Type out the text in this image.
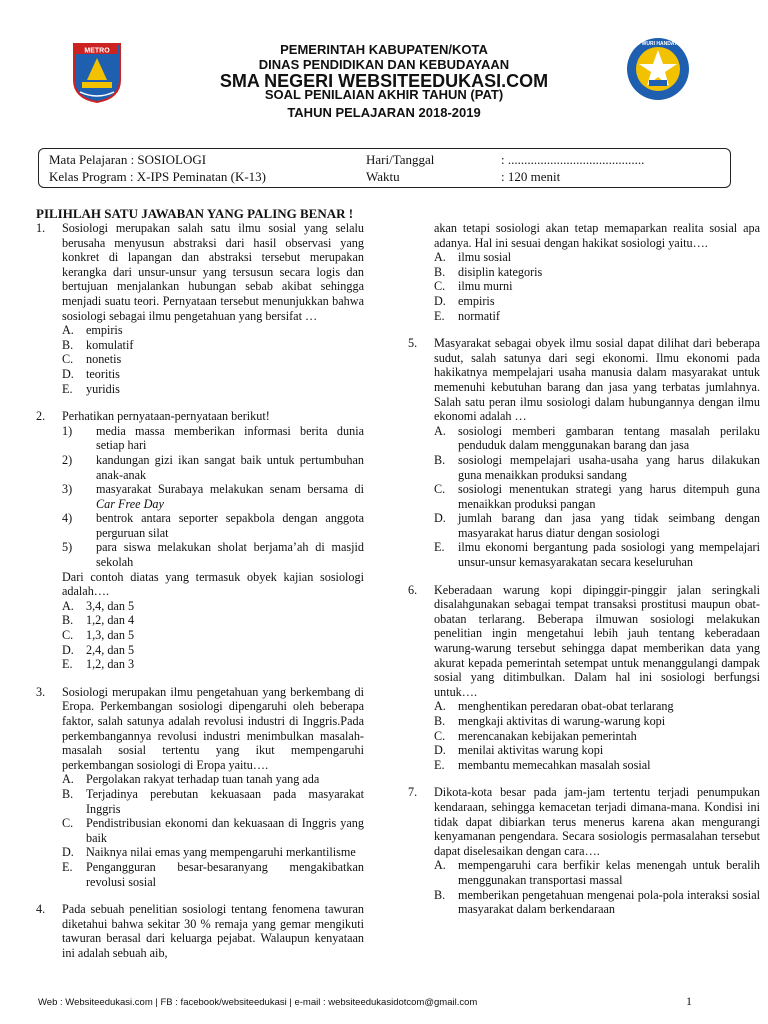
METRO
TUT WURI HANDAYANI
PEMERINTAH KABUPATEN/KOTA
DINAS PENDIDIKAN DAN KEBUDAYAAN
SMA NEGERI WEBSITEEDUKASI.COM
SOAL PENILAIAN AKHIR TAHUN (PAT)
TAHUN PELAJARAN 2018-2019
Mata Pelajaran : SOSIOLOGI
Kelas Program : X-IPS Peminatan (K-13)
Hari/Tanggal
Waktu
: ..........................................
: 120 menit
PILIHLAH SATU JAWABAN YANG PALING BENAR !
1. Sosiologi merupakan salah satu ilmu sosial yang selalu berusaha menyusun abstraksi dari hasil observasi yang konkret di lapangan dan abstraksi tersebut merupakan kerangka dari unsur-unsur yang tersusun secara logis dan bertujuan menjalankan hubungan sebab akibat sehingga menjadi suatu teori. Pernyataan tersebut menunjukkan bahwa sosiologi sebagai ilmu pengetahuan yang bersifat …
A. empiris
B. komulatif
C. nonetis
D. teoritis
E. yuridis
2. Perhatikan pernyataan-pernyataan berikut!
1) media massa memberikan informasi berita dunia setiap hari
2) kandungan gizi ikan sangat baik untuk pertumbuhan anak-anak
3) masyarakat Surabaya melakukan senam bersama di Car Free Day
4) bentrok antara seporter sepakbola dengan anggota perguruan silat
5) para siswa melakukan sholat berjama’ah di masjid sekolah
Dari contoh diatas yang termasuk obyek kajian sosiologi adalah….
A. 3,4, dan 5
B. 1,2, dan 4
C. 1,3, dan 5
D. 2,4, dan 5
E. 1,2, dan 3
3. Sosiologi merupakan ilmu pengetahuan yang berkembang di Eropa. Perkembangan sosiologi dipengaruhi oleh beberapa faktor, salah satunya adalah revolusi industri di Inggris.Pada perkembangannya revolusi industri menimbulkan masalah-masalah sosial tertentu yang ikut mempengaruhi perkembangan sosiologi di Eropa yaitu….
A. Pergolakan rakyat terhadap tuan tanah yang ada
B. Terjadinya perebutan kekuasaan pada masyarakat Inggris
C. Pendistribusian ekonomi dan kekuasaan di Inggris yang baik
D. Naiknya nilai emas yang mempengaruhi merkantilisme
E. Pengangguran besar-besaranyang mengakibatkan revolusi sosial
4. Pada sebuah penelitian sosiologi tentang fenomena tawuran diketahui bahwa sekitar 30 % remaja yang gemar mengikuti tawuran berasal dari keluarga pejabat. Walaupun kenyataan ini adalah sebuah aib,
akan tetapi sosiologi akan tetap memaparkan realita sosial apa adanya. Hal ini sesuai dengan hakikat sosiologi yaitu….
A. ilmu sosial
B. disiplin kategoris
C. ilmu murni
D. empiris
E. normatif
5. Masyarakat sebagai obyek ilmu sosial dapat dilihat dari beberapa sudut, salah satunya dari segi ekonomi. Ilmu ekonomi pada hakikatnya mempelajari usaha manusia dalam masyarakat untuk memenuhi kebutuhan barang dan jasa yang terbatas jumlahnya. Salah satu peran ilmu sosiologi dalam hubungannya dengan ilmu ekonomi adalah …
A. sosiologi memberi gambaran tentang masalah perilaku penduduk dalam menggunakan barang dan jasa
B. sosiologi mempelajari usaha-usaha yang harus dilakukan guna menaikkan produksi sandang
C. sosiologi menentukan strategi yang harus ditempuh guna menaikkan produksi pangan
D. jumlah barang dan jasa yang tidak seimbang dengan masyarakat harus diatur dengan sosiologi
E. ilmu ekonomi bergantung pada sosiologi yang mempelajari unsur-unsur kemasyarakatan secara keseluruhan
6. Keberadaan warung kopi dipinggir-pinggir jalan seringkali disalahgunakan sebagai tempat transaksi prostitusi maupun obat-obatan terlarang. Beberapa ilmuwan sosiologi melakukan penelitian ingin mengetahui lebih jauh tentang keberadaan warung-warung tersebut sehingga dapat memberikan data yang akurat kepada pemerintah setempat untuk menanggulangi dampak sosial yang ditimbulkan. Dalam hal ini sosiologi berfungsi untuk….
A. menghentikan peredaran obat-obat terlarang
B. mengkaji aktivitas di warung-warung kopi
C. merencanakan kebijakan pemerintah
D. menilai aktivitas warung kopi
E. membantu memecahkan masalah sosial
7. Dikota-kota besar pada jam-jam tertentu terjadi penumpukan kendaraan, sehingga kemacetan terjadi dimana-mana. Kondisi ini tidak dapat dibiarkan terus menerus karena akan mengurangi kenyamanan pengendara. Secara sosiologis permasalahan tersebut dapat diselesaikan dengan cara….
A. mempengaruhi cara berfikir kelas menengah untuk beralih menggunakan transportasi massal
B. memberikan pengetahuan mengenai pola-pola interaksi sosial masyarakat dalam berkendaraan
Web : Websiteedukasi.com | FB : facebook/websiteedukasi | e-mail : websiteedukasidotcom@gmail.com	1
